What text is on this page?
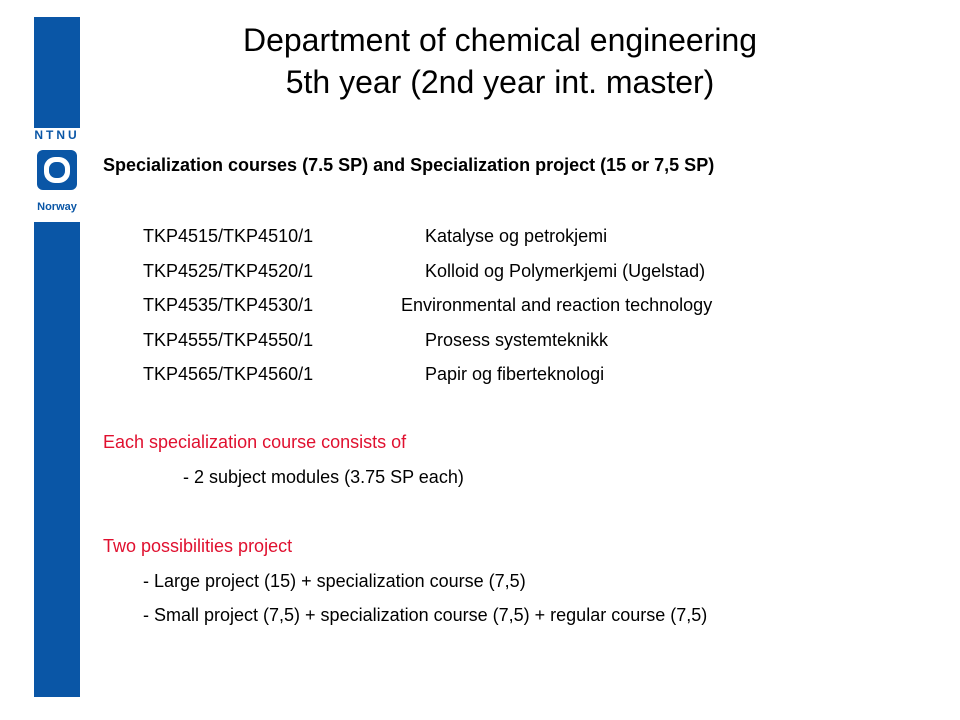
NTNU
Norway
Department of chemical engineering
5th year (2nd year int. master)
Specialization courses (7.5 SP) and Specialization project (15 or 7,5 SP)
TKP4515/TKP4510/1	Katalyse og petrokjemi
TKP4525/TKP4520/1	Kolloid og Polymerkjemi (Ugelstad)
TKP4535/TKP4530/1	Environmental and reaction technology
TKP4555/TKP4550/1	Prosess systemteknikk
TKP4565/TKP4560/1	Papir og fiberteknologi
Each specialization course consists of
- 2 subject modules (3.75 SP each)
Two possibilities project
- Large project (15) + specialization course (7,5)
- Small project (7,5) + specialization course (7,5) + regular course (7,5)
